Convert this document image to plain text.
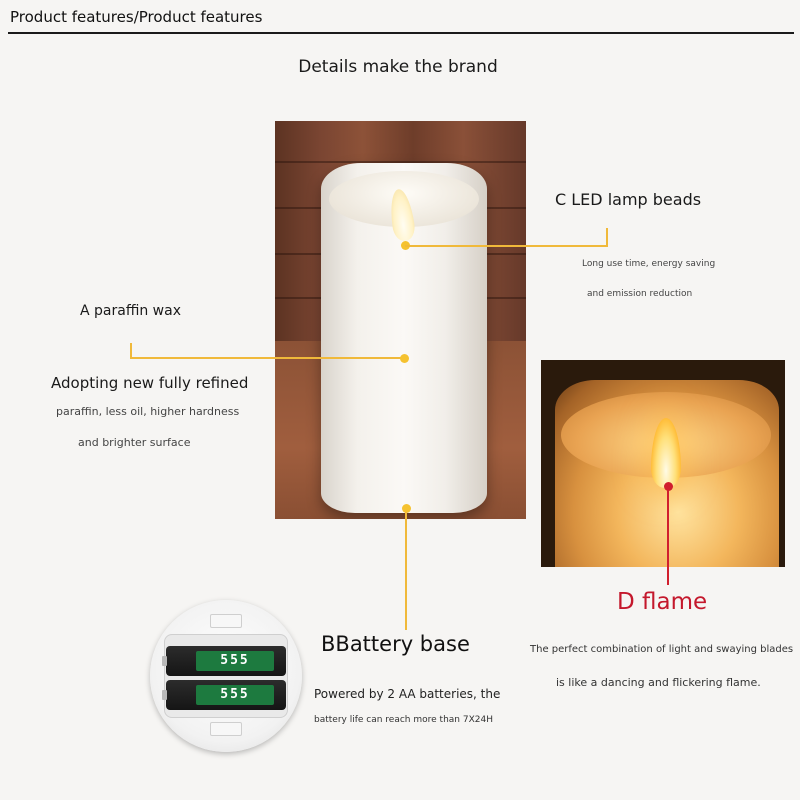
Product features/Product features
Details make the brand
555
555
C LED lamp beads
Long use time, energy saving
and emission reduction
A paraffin wax
Adopting new fully refined
paraffin, less oil, higher hardness
and brighter surface
D flame
The perfect combination of light and swaying blades
is like a dancing and flickering flame.
BBattery base
Powered by 2 AA batteries, the
battery life can reach more than 7X24H
